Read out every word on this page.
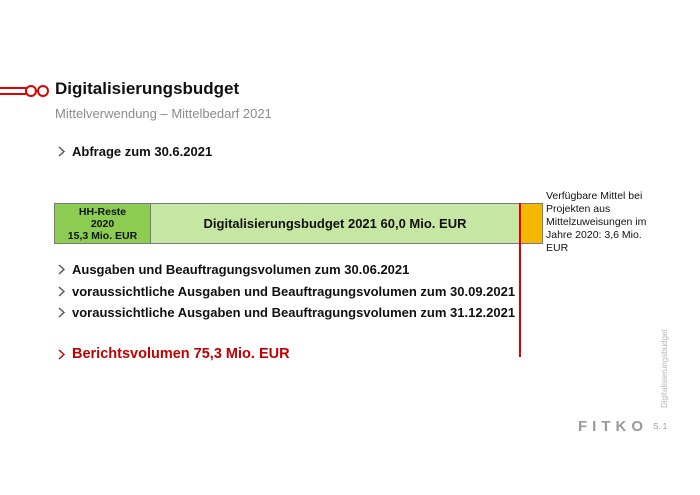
Digitalisierungsbudget
Mittelverwendung – Mittelbedarf 2021
Abfrage zum 30.6.2021
HH-Reste
2020
15,3 Mio. EUR
Digitalisierungsbudget 2021 60,0 Mio. EUR
Verfügbare Mittel bei Projekten aus Mittelzuweisungen im Jahre 2020: 3,6 Mio. EUR
Ausgaben und Beauftragungsvolumen zum 30.06.2021
voraussichtliche Ausgaben und Beauftragungsvolumen zum 30.09.2021
voraussichtliche Ausgaben und Beauftragungsvolumen zum 31.12.2021
Berichtsvolumen 75,3 Mio. EUR	Digitalisierungsbudget
FITKO S. 1
